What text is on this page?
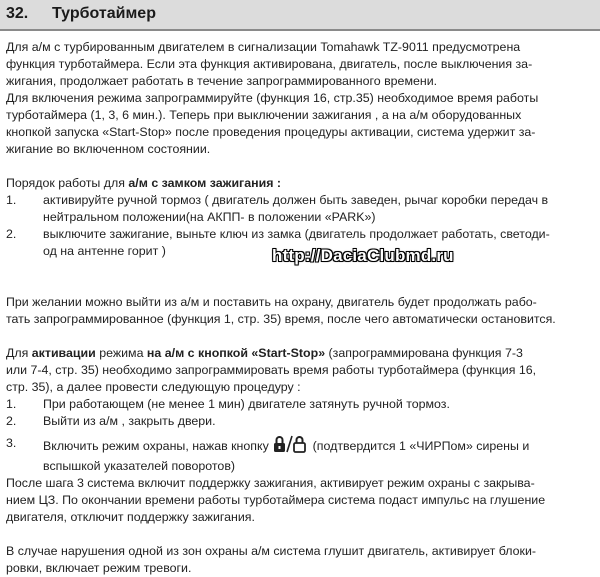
32. Турботаймер
Для а/м с турбированным двигателем в сигнализации Tomahawk TZ-9011 предусмотрена
функция турботаймера. Если эта функция активирована, двигатель, после выключения за-
жигания, продолжает работать в течение запрограммированного времени.
Для включения режима запрограммируйте (функция 16, стр.35) необходимое время работы
турботаймера (1, 3, 6 мин.). Теперь при выключении зажигания , а на а/м оборудованных
кнопкой запуска «Start-Stop» после проведения процедуры активации, система удержит за-
жигание во включенном состоянии.
Порядок работы для а/м с замком зажигания :
1. активируйте ручной тормоз ( двигатель должен быть заведен, рычаг коробки передач в
нейтральном положении(на АКПП- в положении «PARK»)
2. выключите зажигание, выньте ключ из замка (двигатель продолжает работать, светоди-
од на антенне горит )
При желании можно выйти из а/м и поставить на охрану, двигатель будет продолжать рабо-
тать запрограммированное (функция 1, стр. 35) время, после чего автоматически остановится.
Для активации режима на а/м с кнопкой «Start-Stop» (запрограммирована функция 7-3
или 7-4, стр. 35) необходимо запрограммировать время работы турботаймера (функция 16,
стр. 35), а далее провести следующую процедуру :
1. При работающем (не менее 1 мин) двигателе затянуть ручной тормоз.
2. Выйти из а/м , закрыть двери.
3. Включить режим охраны, нажав кнопку	(подтвердится 1 «ЧИРПом» сирены и
вспышкой указателей поворотов)
После шага 3 система включит поддержку зажигания, активирует режим охраны с закрыва-
нием ЦЗ. По окончании времени работы турботаймера система подаст импульс на глушение
двигателя, отключит поддержку зажигания.
В случае нарушения одной из зон охраны а/м система глушит двигатель, активирует блоки-
ровки, включает режим тревоги.
http://DaciaClubmd.ru
